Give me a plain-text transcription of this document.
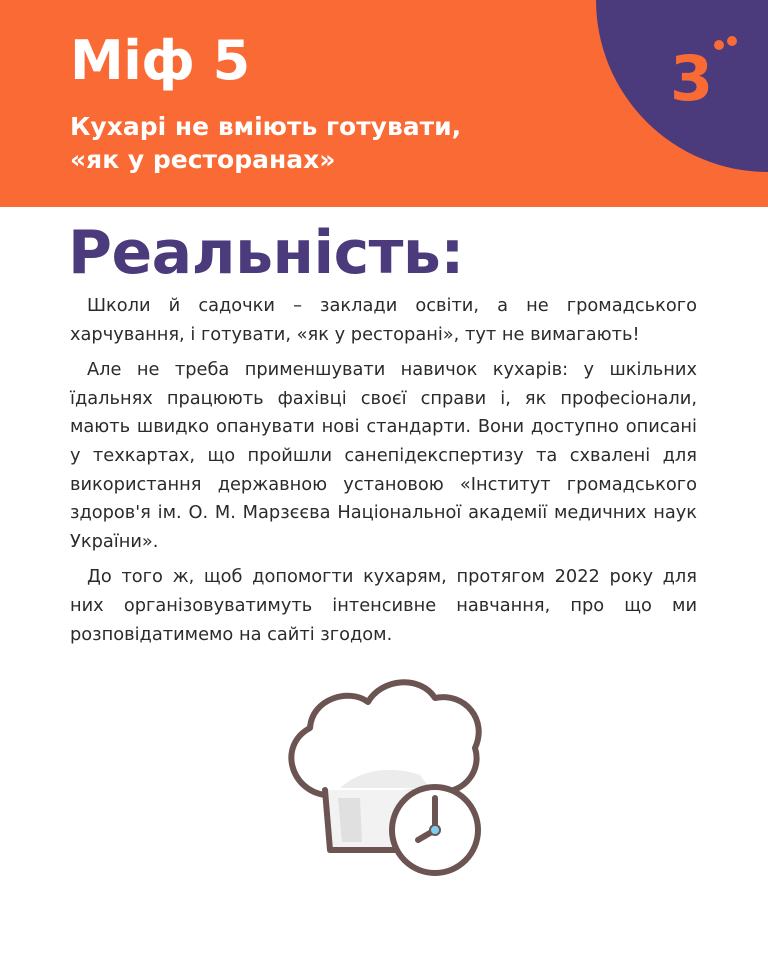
Міф 5
Кухарі не вміють готувати,
«як у ресторанах»
3
Реальність:

Школи й садочки – заклади освіти, а не громадського харчування, і готувати, «як у ресторані», тут не вимагають!

Але не треба применшувати навичок кухарів: у шкільних їдальнях працюють фахівці своєї справи і, як професіонали, мають швидко опанувати нові стандарти. Вони доступно описані у техкартах, що пройшли санепідекспертизу та схвалені для використання державною установою «Інститут громадського здоров'я ім. О. М. Марзєєва Національної академії медичних наук України».

До того ж, щоб допомогти кухарям, протягом 2022 року для них організовуватимуть інтенсивне навчання, про що ми розповідатимемо на сайті згодом.
